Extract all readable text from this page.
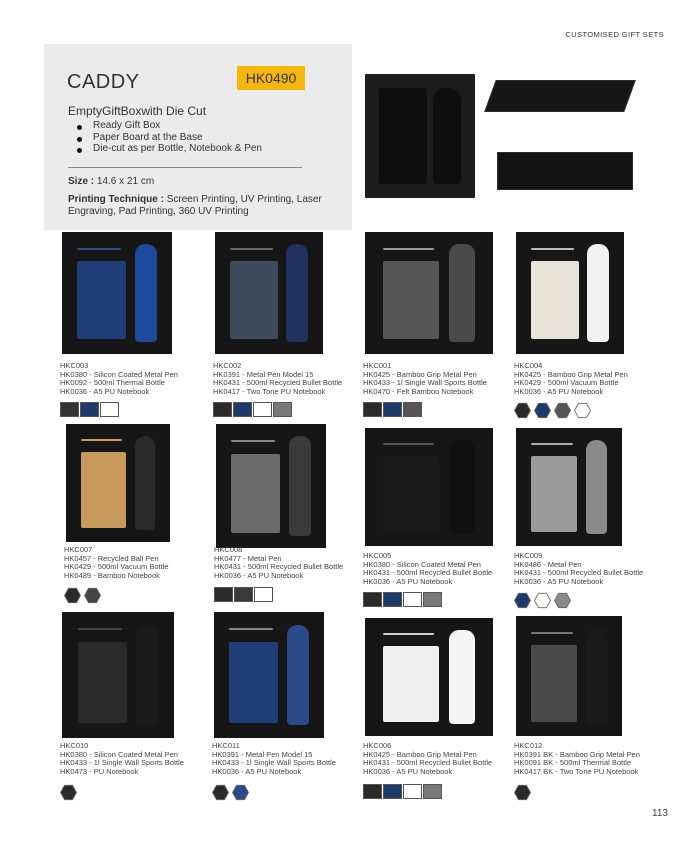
CUSTOMISED GIFT SETS
CADDY	HK0490
EmptyGiftBoxwith Die Cut
Ready Gift Box
Paper Board at the Base
Die-cut as per Bottle, Notebook & Pen
Size : 14.6 x 21 cm
Printing Technique : Screen Printing, UV Printing, Laser Engraving, Pad Printing, 360 UV Printing
HKC003
HK0380 - Silicon Coated Metal Pen
HK0092 - 500ml Thermal Bottle
HK0036 - A5 PU Notebook
HKC002
HK0391 - Metal Pen Model 15
HK0431 - 500ml Recycled Bullet Bottle
HK0417 - Two Tone PU Notebook
HKC001
HK0425 - Bamboo Grip Metal Pen
HK0433 - 1l Single Wall Sports Bottle
HK0470 - Felt Bamboo Notebook
HKC004
HK0425 - Bamboo Grip Metal Pen
HK0429 - 500ml Vacuum Bottle
HK0036 - A5 PU Notebook
HKC007
HK0457 - Recycled Ball Pen
HK0429 - 500ml Vacuum Bottle
HK0489 - Bamboo Notebook
HKC008
HK0477 - Metal Pen
HK0431 - 500ml Recycled Bullet Bottle
HK0036 - A5 PU Notebook
HKC005
HK0380 - Silicon Coated Metal Pen
HK0431 - 500ml Recycled Bullet Bottle
HK0036 - A5 PU Notebook
HKC009
HK0486 - Metal Pen
HK0431 - 500ml Recycled Bullet Bottle
HK0036 - A5 PU Notebook
HKC010
HK0380 - Silicon Coated Metal Pen
HK0433 - 1l Single Wall Sports Bottle
HK0473 - PU Notebook
HKC011
HK0391 - Metal Pen Model 15
HK0433 - 1l Single Wall Sports Bottle
HK0036 - A5 PU Notebook
HKC006
HK0425 - Bamboo Grip Metal Pen
HK0431 - 500ml Recycled Bullet Bottle
HK0036 - A5 PU Notebook
HKC012
HK0391 BK - Bamboo Grip Metal Pen
HK0091 BK - 500ml Thermal Bottle
HK0417 BK - Two Tone PU Notebook
113
